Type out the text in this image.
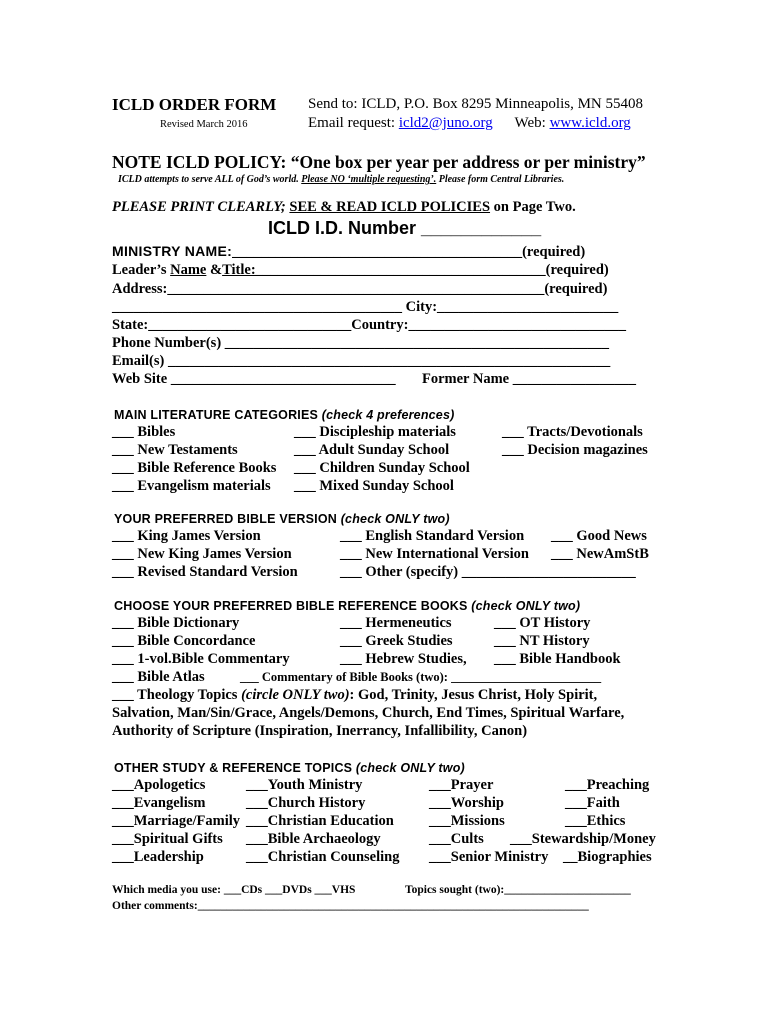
ICLD ORDER FORM
Revised March 2016
Send to: ICLD, P.O. Box 8295 Minneapolis, MN 55408
Email request: icld2@juno.org Web: www.icld.org
NOTE ICLD POLICY: “One box per year per address or per ministry”
ICLD attempts to serve ALL of God’s world. Please NO ‘multiple requesting’. Please form Central Libraries.
PLEASE PRINT CLEARLY; SEE & READ ICLD POLICIES on Page Two.
ICLD I.D. Number ____________
MINISTRY NAME:________________________________________(required)
Leader’s Name &Title:________________________________________(required)
Address:____________________________________________________(required)
________________________________________ City:_________________________
State:____________________________Country:______________________________
Phone Number(s) _____________________________________________________
Email(s) _____________________________________________________________
Web Site _______________________________ Former Name _________________
MAIN LITERATURE CATEGORIES (check 4 preferences)
___ Bibles
___ New Testaments
___ Bible Reference Books
___ Evangelism materials
___ Discipleship materials
___ Adult Sunday School
___ Children Sunday School
___ Mixed Sunday School
___ Tracts/Devotionals
___ Decision magazines
YOUR PREFERRED BIBLE VERSION (check ONLY two)
___ King James Version
___ New King James Version
___ Revised Standard Version
___ English Standard Version
___ New International Version
___ Other (specify) ________________________
___ Good News
___ NewAmStB
CHOOSE YOUR PREFERRED BIBLE REFERENCE BOOKS (check ONLY two)
___ Bible Dictionary
___ Bible Concordance
___ 1-vol.Bible Commentary
___ Bible Atlas
___ Hermeneutics
___ Greek Studies
___ Hebrew Studies,
___ OT History
___ NT History
___ Bible Handbook
___ Commentary of Bible Books (two): ________________________
___ Theology Topics (circle ONLY two): God, Trinity, Jesus Christ, Holy Spirit,
Salvation, Man/Sin/Grace, Angels/Demons, Church, End Times, Spiritual Warfare,
Authority of Scripture (Inspiration, Inerrancy, Infallibility, Canon)
OTHER STUDY & REFERENCE TOPICS (check ONLY two)
___Apologetics
___Evangelism
___Marriage/Family
___Spiritual Gifts
___Leadership
___Youth Ministry
___Church History
___Christian Education
___Bible Archaeology
___Christian Counseling
___Prayer
___Worship
___Missions
___Cults
___Senior Ministry
___Preaching
___Faith
___Ethics
___Stewardship/Money
__Biographies
Which media you use: ___CDs ___DVDs ___VHS	Topics sought (two):______________________
Other comments:____________________________________________________________________
